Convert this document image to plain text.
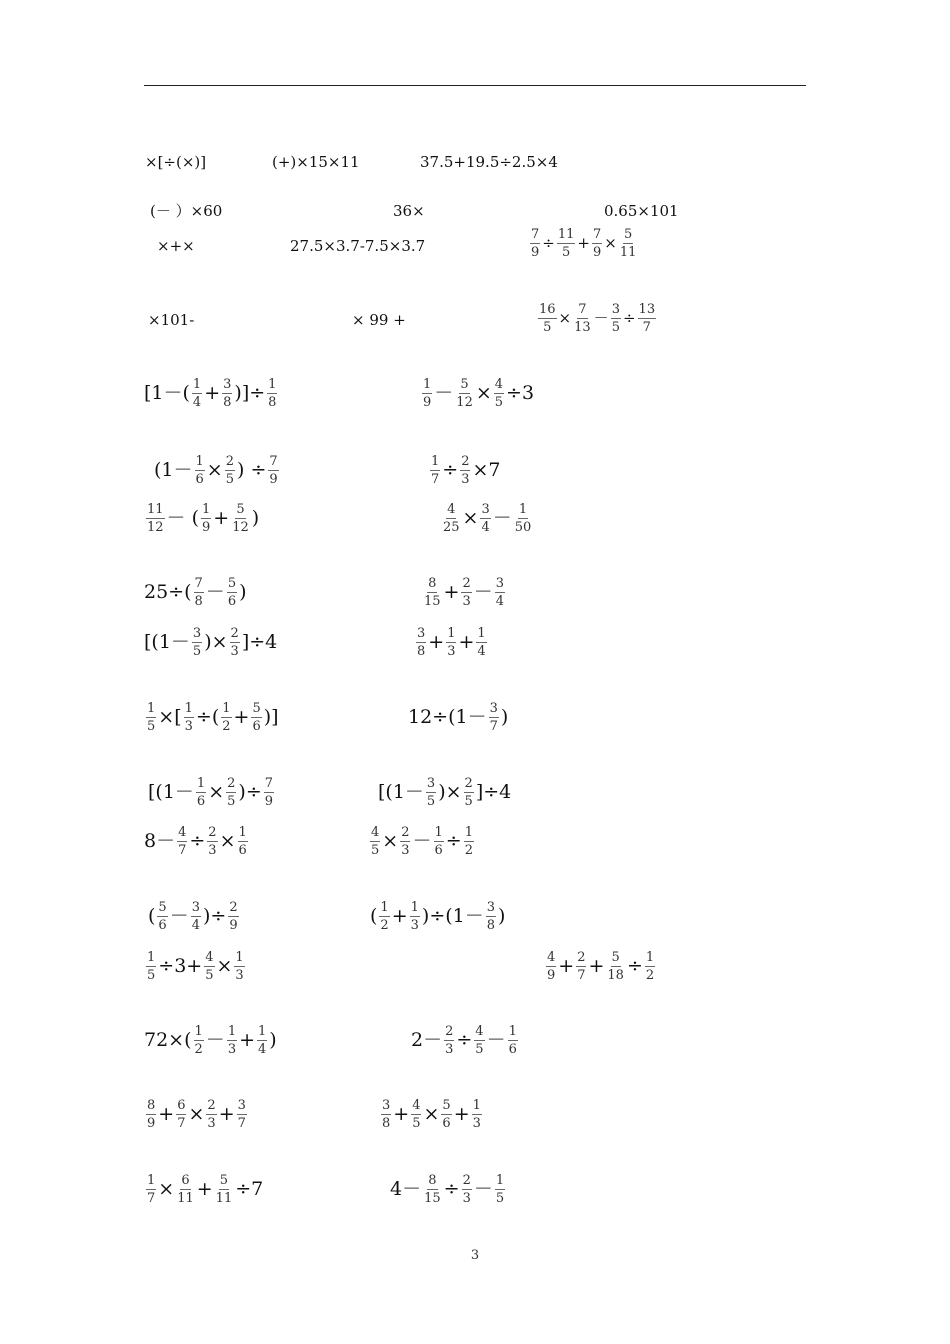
×[÷(×)]	(+)×15×11	37.5+19.5÷2.5×4
(－ ）×60	36×	0.65×101
×+×	27.5×3.7-7.5×3.7	$\frac{7}{9} \div \frac{11}{5} + \frac{7}{9} \times \frac{5}{11}$
×101-	× 99 +	$\frac{16}{5} \times \frac{7}{13} - \frac{3}{5} \div \frac{13}{7}$
[$1-( \frac{1}{4} + \frac{3}{8}$ )]÷ $\frac{1}{8}$	$\frac{1}{9} - \frac{5}{12} \times \frac{4}{5} \div 3$
($1- \frac{1}{6} \times \frac{2}{5}$ ) ÷ $\frac{7}{9}$	$\frac{1}{7} \div \frac{2}{3} \times 7$
$\frac{11}{12}$ － ( $\frac{1}{9} + \frac{5}{12}$ )	$\frac{4}{25} \times \frac{3}{4} - \frac{1}{50}$
$25\div( \frac{7}{8} - \frac{5}{6}$ )	$\frac{8}{15} + \frac{2}{3} - \frac{3}{4}$
[($1- \frac{3}{5}$ )× $\frac{2}{3} ]\div 4$	$\frac{3}{8} + \frac{1}{3} + \frac{1}{4}$
$\frac{1}{5}$ ×[ $\frac{1}{3}$ ÷( $\frac{1}{2} + \frac{5}{6}$ )]	$12\div(1- \frac{3}{7}$ )
[($1- \frac{1}{6} \times \frac{2}{5}$ )÷ $\frac{7}{9}$	[($1- \frac{3}{5}$ )× $\frac{2}{5} ]\div 4$
$8- \frac{4}{7} \div \frac{2}{3} \times \frac{1}{6}$	$\frac{4}{5} \times \frac{2}{3} - \frac{1}{6} \div \frac{1}{2}$
( $\frac{5}{6} - \frac{3}{4}$ )÷ $\frac{2}{9}$	( $\frac{1}{2} + \frac{1}{3} )\div(1- \frac{3}{8}$ )
$\frac{1}{5} \div 3+ \frac{4}{5} \times \frac{1}{3}$	$\frac{4}{9} + \frac{2}{7} + \frac{5}{18} \div \frac{1}{2}$
$72\times( \frac{1}{2} - \frac{1}{3} + \frac{1}{4}$ )	$2- \frac{2}{3} \div \frac{4}{5} - \frac{1}{6}$
$\frac{8}{9} + \frac{6}{7} \times \frac{2}{3} + \frac{3}{7}$	$\frac{3}{8} + \frac{4}{5} \times \frac{5}{6} + \frac{1}{3}$
$\frac{1}{7} \times \frac{6}{11} + \frac{5}{11} \div 7$	$4- \frac{8}{15} \div \frac{2}{3} - \frac{1}{5}$
3
